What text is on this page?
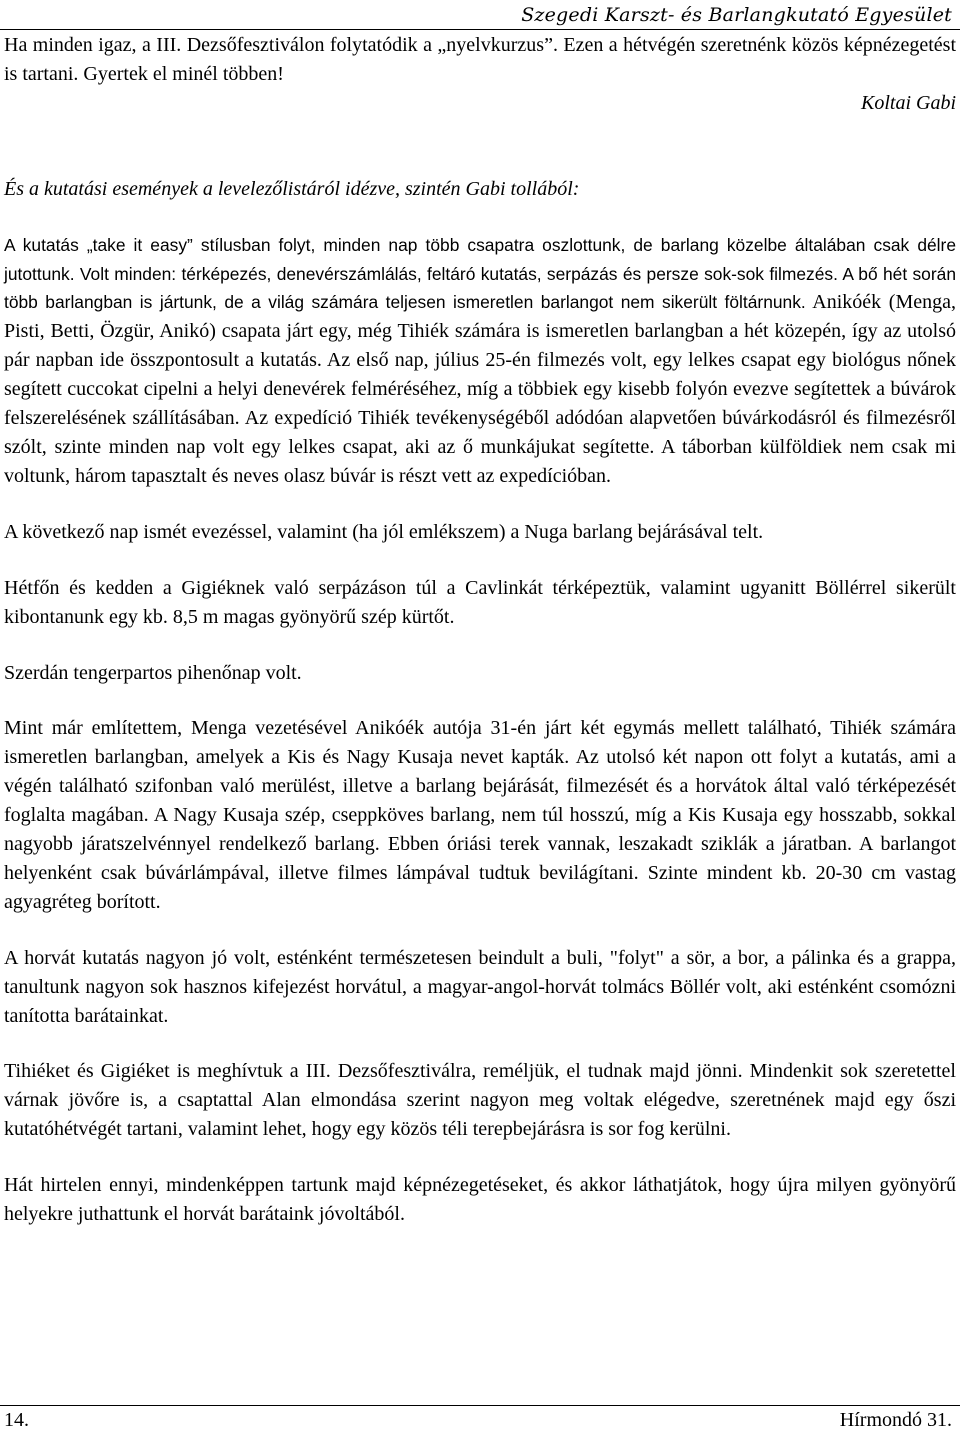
Szegedi Karszt- és Barlangkutató Egyesület

Ha minden igaz, a III. Dezsőfesztiválon folytatódik a „nyelvkurzus”. Ezen a hétvégén szeretnénk közös képnézegetést is tartani. Gyertek el minél többen!

Koltai Gabi

És a kutatási események a levelezőlistáról idézve, szintén Gabi tollából:

A kutatás „take it easy” stílusban folyt, minden nap több csapatra oszlottunk, de barlang közelbe általában csak délre jutottunk. Volt minden: térképezés, denevérszámlálás, feltáró kutatás, serpázás és persze sok-sok filmezés. A bő hét során több barlangban is jártunk, de a világ számára teljesen ismeretlen barlangot nem sikerült föltárnunk. Anikóék (Menga, Pisti, Betti, Özgür, Anikó) csapata járt egy, még Tihiék számára is ismeretlen barlangban a hét közepén, így az utolsó pár napban ide összpontosult a kutatás. Az első nap, július 25-én filmezés volt, egy lelkes csapat egy biológus nőnek segített cuccokat cipelni a helyi denevérek felméréséhez, míg a többiek egy kisebb folyón evezve segítettek a búvárok felszerelésének szállításában. Az expedíció Tihiék tevékenységéből adódóan alapvetően búvárkodásról és filmezésről szólt, szinte minden nap volt egy lelkes csapat, aki az ő munkájukat segítette. A táborban külföldiek nem csak mi voltunk, három tapasztalt és neves olasz búvár is részt vett az expedícióban.

A következő nap ismét evezéssel, valamint (ha jól emlékszem) a Nuga barlang bejárásával telt.

Hétfőn és kedden a Gigiéknek való serpázáson túl a Cavlinkát térképeztük, valamint ugyanitt Böllérrel sikerült kibontanunk egy kb. 8,5 m magas gyönyörű szép kürtőt.

Szerdán tengerpartos pihenőnap volt.

Mint már említettem, Menga vezetésével Anikóék autója 31-én járt két egymás mellett található, Tihiék számára ismeretlen barlangban, amelyek a Kis és Nagy Kusaja nevet kapták. Az utolsó két napon ott folyt a kutatás, ami a végén található szifonban való merülést, illetve a barlang bejárását, filmezését és a horvátok által való térképezését foglalta magában. A Nagy Kusaja szép, cseppköves barlang, nem túl hosszú, míg a Kis Kusaja egy hosszabb, sokkal nagyobb járatszelvénnyel rendelkező barlang. Ebben óriási terek vannak, leszakadt sziklák a járatban. A barlangot helyenként csak búvárlámpával, illetve filmes lámpával tudtuk bevilágítani. Szinte mindent kb. 20-30 cm vastag agyagréteg borított.

A horvát kutatás nagyon jó volt, esténként természetesen beindult a buli, "folyt" a sör, a bor, a pálinka és a grappa, tanultunk nagyon sok hasznos kifejezést horvátul, a magyar-angol-horvát tolmács Böllér volt, aki esténként csomózni tanította barátainkat.

Tihiéket és Gigiéket is meghívtuk a III. Dezsőfesztiválra, reméljük, el tudnak majd jönni. Mindenkit sok szeretettel várnak jövőre is, a csaptattal Alan elmondása szerint nagyon meg voltak elégedve, szeretnének majd egy őszi kutatóhétvégét tartani, valamint lehet, hogy egy közös téli terepbejárásra is sor fog kerülni.

Hát hirtelen ennyi, mindenképpen tartunk majd képnézegetéseket, és akkor láthatjátok, hogy újra milyen gyönyörű helyekre juthattunk el horvát barátaink jóvoltából.

14.	Hírmondó 31.
